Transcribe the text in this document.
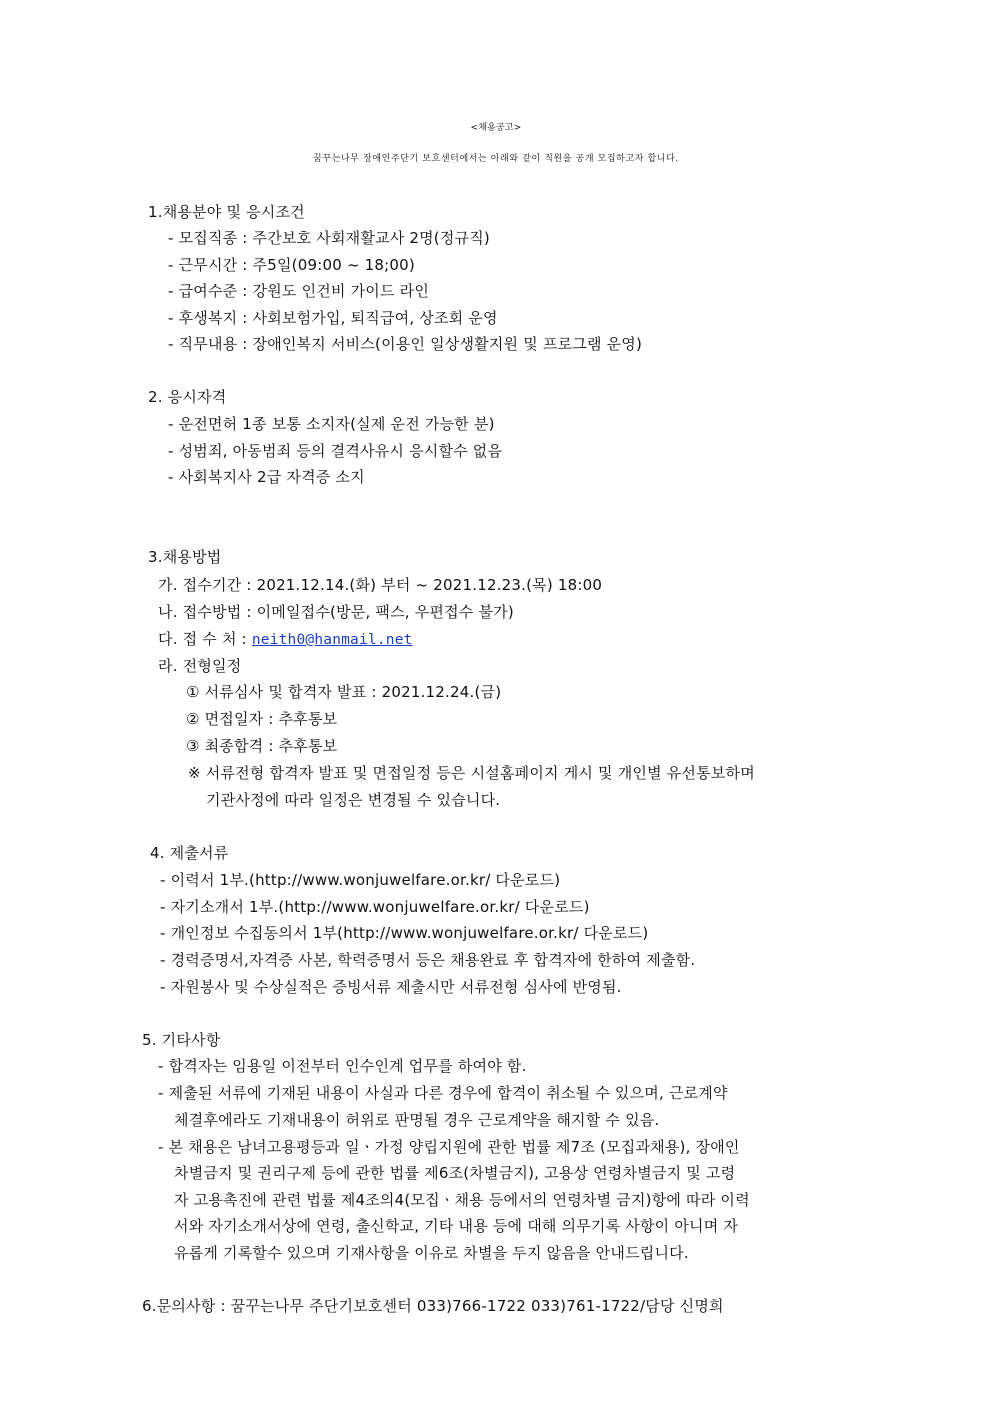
<채용공고>
꿈꾸는나무 장애인주단기 보호센터에서는 아래와 같이 직원을 공개 모집하고자 합니다.
1.채용분야 및 응시조건
- 모집직종 : 주간보호 사회재활교사 2명(정규직)
- 근무시간 : 주5일(09:00 ~ 18;00)
- 급여수준 : 강원도 인건비 가이드 라인
- 후생복지 : 사회보험가입, 퇴직급여, 상조회 운영
- 직무내용 : 장애인복지 서비스(이용인 일상생활지원 및 프로그램 운영)
2. 응시자격
- 운전면허 1종 보통 소지자(실제 운전 가능한 분)
- 성범죄, 아동범죄 등의 결격사유시 응시할수 없음
- 사회복지사 2급 자격증 소지
3.채용방법
가. 접수기간 : 2021.12.14.(화) 부터 ~ 2021.12.23.(목) 18:00
나. 접수방법 : 이메일접수(방문, 팩스, 우편접수 불가)
다. 접 수 처 : neith0@hanmail.net
라. 전형일정
① 서류심사 및 합격자 발표 : 2021.12.24.(금)
② 면접일자 : 추후통보
③ 최종합격 : 추후통보
※ 서류전형 합격자 발표 및 면접일정 등은 시설홈페이지 게시 및 개인별 유선통보하며
기관사정에 따라 일정은 변경될 수 있습니다.
4. 제출서류
- 이력서 1부.(http://www.wonjuwelfare.or.kr/ 다운로드)
- 자기소개서 1부.(http://www.wonjuwelfare.or.kr/ 다운로드)
- 개인정보 수집동의서 1부(http://www.wonjuwelfare.or.kr/ 다운로드)
- 경력증명서,자격증 사본, 학력증명서 등은 채용완료 후 합격자에 한하여 제출함.
- 자원봉사 및 수상실적은 증빙서류 제출시만 서류전형 심사에 반영됨.
5. 기타사항
- 합격자는 임용일 이전부터 인수인계 업무를 하여야 함.
- 제출된 서류에 기재된 내용이 사실과 다른 경우에 합격이 취소될 수 있으며, 근로계약
체결후에라도 기재내용이 허위로 판명될 경우 근로계약을 해지할 수 있음.
- 본 채용은 남녀고용평등과 일ㆍ가정 양립지원에 관한 법률 제7조 (모집과채용), 장애인
차별금지 및 권리구제 등에 관한 법률 제6조(차별금지), 고용상 연령차별금지 및 고령
자 고용촉진에 관련 법률 제4조의4(모집ㆍ채용 등에서의 연령차별 금지)항에 따라 이력
서와 자기소개서상에 연령, 출신학교, 기타 내용 등에 대해 의무기록 사항이 아니며 자
유롭게 기록할수 있으며 기재사항을 이유로 차별을 두지 않음을 안내드립니다.
6.문의사항 : 꿈꾸는나무 주단기보호센터 033)766-1722 033)761-1722/담당 신명희
